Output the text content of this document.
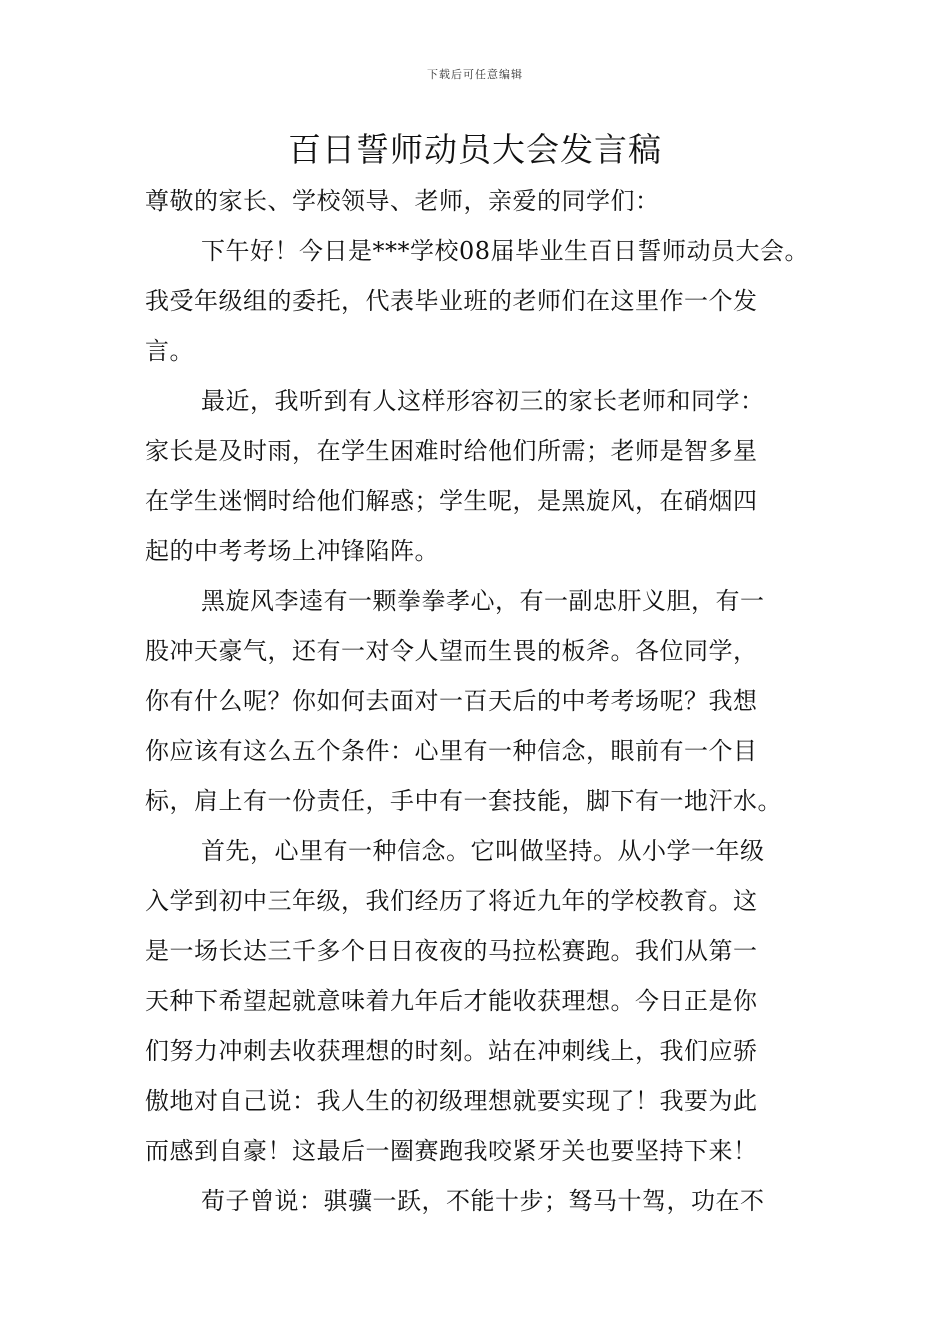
下载后可任意编辑
百日誓师动员大会发言稿
尊敬的家长、学校领导、老师，亲爱的同学们：
下午好！今日是***学校08届毕业生百日誓师动员大会。
我受年级组的委托，代表毕业班的老师们在这里作一个发
言。
最近，我听到有人这样形容初三的家长老师和同学：
家长是及时雨，在学生困难时给他们所需；老师是智多星
在学生迷惘时给他们解惑；学生呢，是黑旋风，在硝烟四
起的中考考场上冲锋陷阵。
黑旋风李逵有一颗拳拳孝心，有一副忠肝义胆，有一
股冲天豪气，还有一对令人望而生畏的板斧。各位同学，
你有什么呢？你如何去面对一百天后的中考考场呢？我想
你应该有这么五个条件：心里有一种信念，眼前有一个目
标，肩上有一份责任，手中有一套技能，脚下有一地汗水。
首先，心里有一种信念。它叫做坚持。从小学一年级
入学到初中三年级，我们经历了将近九年的学校教育。这
是一场长达三千多个日日夜夜的马拉松赛跑。我们从第一
天种下希望起就意味着九年后才能收获理想。今日正是你
们努力冲刺去收获理想的时刻。站在冲刺线上，我们应骄
傲地对自己说：我人生的初级理想就要实现了！我要为此
而感到自豪！这最后一圈赛跑我咬紧牙关也要坚持下来！
荀子曾说：骐骥一跃，不能十步；驽马十驾，功在不
